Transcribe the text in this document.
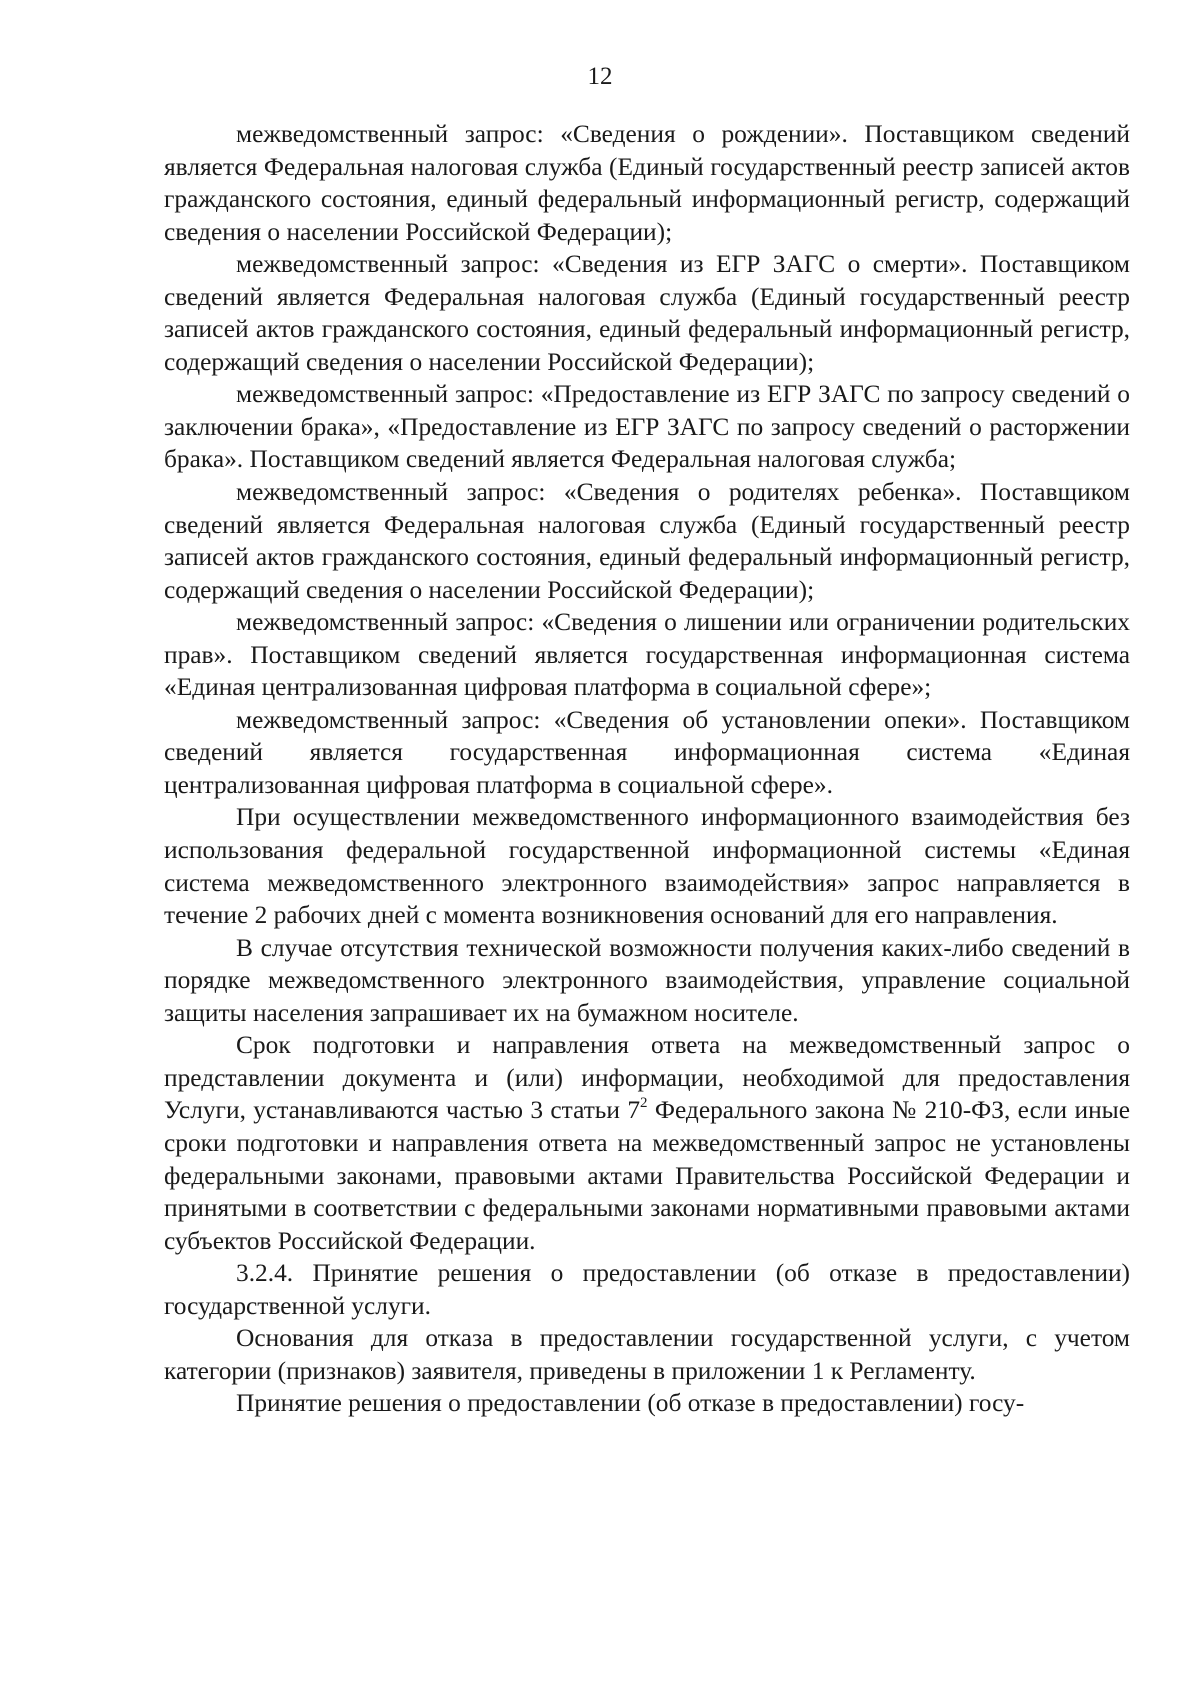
12

межведомственный запрос: «Сведения о рождении». Поставщиком сведений является Федеральная налоговая служба (Единый государственный реестр записей актов гражданского состояния, единый федеральный информационный регистр, содержащий сведения о населении Российской Федерации);

межведомственный запрос: «Сведения из ЕГР ЗАГС о смерти». Поставщиком сведений является Федеральная налоговая служба (Единый государственный реестр записей актов гражданского состояния, единый федеральный информационный регистр, содержащий сведения о населении Российской Федерации);

межведомственный запрос: «Предоставление из ЕГР ЗАГС по запросу сведений о заключении брака», «Предоставление из ЕГР ЗАГС по запросу сведений о расторжении брака». Поставщиком сведений является Федеральная налоговая служба;

межведомственный запрос: «Сведения о родителях ребенка». Поставщиком сведений является Федеральная налоговая служба (Единый государственный реестр записей актов гражданского состояния, единый федеральный информационный регистр, содержащий сведения о населении Российской Федерации);

межведомственный запрос: «Сведения о лишении или ограничении родительских прав». Поставщиком сведений является государственная информационная система «Единая централизованная цифровая платформа в социальной сфере»;

межведомственный запрос: «Сведения об установлении опеки». Поставщиком сведений является государственная информационная система «Единая централизованная цифровая платформа в социальной сфере».

При осуществлении межведомственного информационного взаимодействия без использования федеральной государственной информационной системы «Единая система межведомственного электронного взаимодействия» запрос направляется в течение 2 рабочих дней с момента возникновения оснований для его направления.

В случае отсутствия технической возможности получения каких-либо сведений в порядке межведомственного электронного взаимодействия, управление социальной защиты населения запрашивает их на бумажном носителе.

Срок подготовки и направления ответа на межведомственный запрос о представлении документа и (или) информации, необходимой для предоставления Услуги, устанавливаются частью 3 статьи $7^2$ Федерального закона № 210-ФЗ, если иные сроки подготовки и направления ответа на межведомственный запрос не установлены федеральными законами, правовыми актами Правительства Российской Федерации и принятыми в соответствии с федеральными законами нормативными правовыми актами субъектов Российской Федерации.

3.2.4. Принятие решения о предоставлении (об отказе в предоставлении) государственной услуги.

Основания для отказа в предоставлении государственной услуги, с учетом категории (признаков) заявителя, приведены в приложении 1 к Регламенту.

Принятие решения о предоставлении (об отказе в предоставлении) госу-
